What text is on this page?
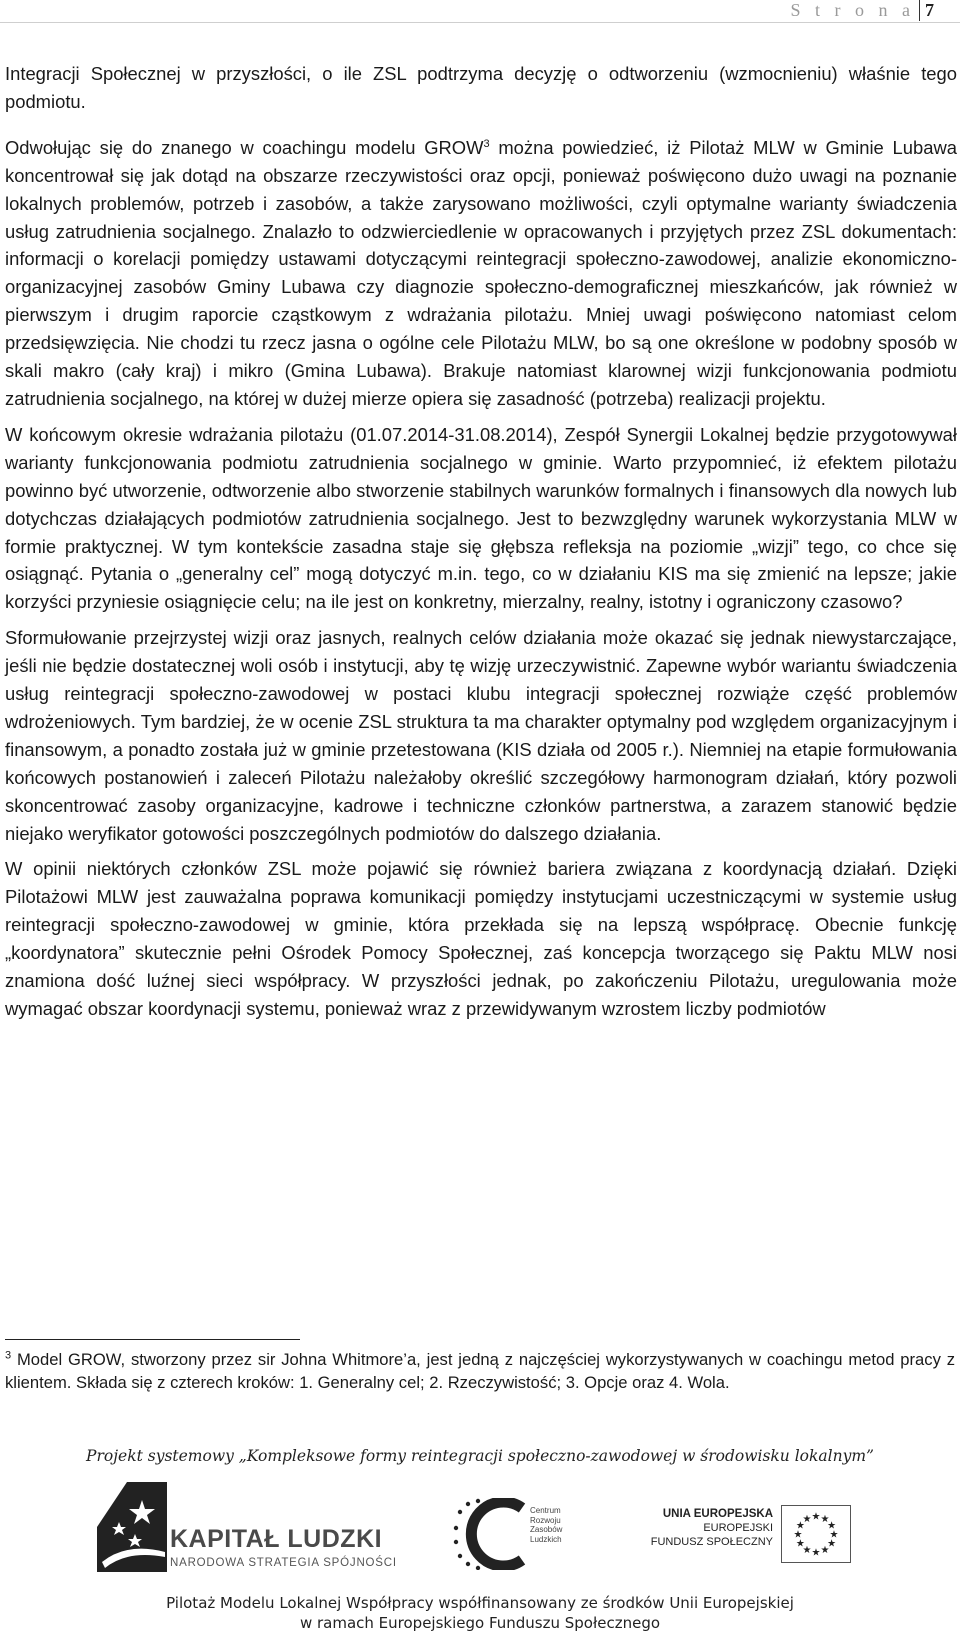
S t r o n a 7

Integracji Społecznej w przyszłości, o ile ZSL podtrzyma decyzję o odtworzeniu (wzmocnieniu) właśnie tego podmiotu.

Odwołując się do znanego w coachingu modelu GROW$^3$ można powiedzieć, iż Pilotaż MLW w Gminie Lubawa koncentrował się jak dotąd na obszarze rzeczywistości oraz opcji, ponieważ poświęcono dużo uwagi na poznanie lokalnych problemów, potrzeb i zasobów, a także zarysowano możliwości, czyli optymalne warianty świadczenia usług zatrudnienia socjalnego. Znalazło to odzwierciedlenie w opracowanych i przyjętych przez ZSL dokumentach: informacji o korelacji pomiędzy ustawami dotyczącymi reintegracji społeczno-zawodowej, analizie ekonomiczno-organizacyjnej zasobów Gminy Lubawa czy diagnozie społeczno-demograficznej mieszkańców, jak również w pierwszym i drugim raporcie cząstkowym z wdrażania pilotażu. Mniej uwagi poświęcono natomiast celom przedsięwzięcia. Nie chodzi tu rzecz jasna o ogólne cele Pilotażu MLW, bo są one określone w podobny sposób w skali makro (cały kraj) i mikro (Gmina Lubawa). Brakuje natomiast klarownej wizji funkcjonowania podmiotu zatrudnienia socjalnego, na której w dużej mierze opiera się zasadność (potrzeba) realizacji projektu.

W końcowym okresie wdrażania pilotażu (01.07.2014-31.08.2014), Zespół Synergii Lokalnej będzie przygotowywał warianty funkcjonowania podmiotu zatrudnienia socjalnego w gminie. Warto przypomnieć, iż efektem pilotażu powinno być utworzenie, odtworzenie albo stworzenie stabilnych warunków formalnych i finansowych dla nowych lub dotychczas działających podmiotów zatrudnienia socjalnego. Jest to bezwzględny warunek wykorzystania MLW w formie praktycznej. W tym kontekście zasadna staje się głębsza refleksja na poziomie „wizji” tego, co chce się osiągnąć. Pytania o „generalny cel” mogą dotyczyć m.in. tego, co w działaniu KIS ma się zmienić na lepsze; jakie korzyści przyniesie osiągnięcie celu; na ile jest on konkretny, mierzalny, realny, istotny i ograniczony czasowo?

Sformułowanie przejrzystej wizji oraz jasnych, realnych celów działania może okazać się jednak niewystarczające, jeśli nie będzie dostatecznej woli osób i instytucji, aby tę wizję urzeczywistnić. Zapewne wybór wariantu świadczenia usług reintegracji społeczno-zawodowej w postaci klubu integracji społecznej rozwiąże część problemów wdrożeniowych. Tym bardziej, że w ocenie ZSL struktura ta ma charakter optymalny pod względem organizacyjnym i finansowym, a ponadto została już w gminie przetestowana (KIS działa od 2005 r.). Niemniej na etapie formułowania końcowych postanowień i zaleceń Pilotażu należałoby określić szczegółowy harmonogram działań, który pozwoli skoncentrować zasoby organizacyjne, kadrowe i techniczne członków partnerstwa, a zarazem stanowić będzie niejako weryfikator gotowości poszczególnych podmiotów do dalszego działania.

W opinii niektórych członków ZSL może pojawić się również bariera związana z koordynacją działań. Dzięki Pilotażowi MLW jest zauważalna poprawa komunikacji pomiędzy instytucjami uczestniczącymi w systemie usług reintegracji społeczno-zawodowej w gminie, która przekłada się na lepszą współpracę. Obecnie funkcję „koordynatora” skutecznie pełni Ośrodek Pomocy Społecznej, zaś koncepcja tworzącego się Paktu MLW nosi znamiona dość luźnej sieci współpracy. W przyszłości jednak, po zakończeniu Pilotażu, uregulowania może wymagać obszar koordynacji systemu, ponieważ wraz z przewidywanym wzrostem liczby podmiotów

$^3$ Model GROW, stworzony przez sir Johna Whitmore’a, jest jedną z najczęściej wykorzystywanych w coachingu metod pracy z klientem. Składa się z czterech kroków: 1. Generalny cel; 2. Rzeczywistość; 3. Opcje oraz 4. Wola.

Projekt systemowy „Kompleksowe formy reintegracji społeczno-zawodowej w środowisku lokalnym”
KAPITAŁ LUDZKI
NARODOWA STRATEGIA SPÓJNOŚCI
Centrum
Rozwoju
Zasobów
Ludzkich
UNIA EUROPEJSKA
EUROPEJSKI
FUNDUSZ SPOŁECZNY
★ ★
★
★
★
★
★
★
★
★
★
★
Pilotaż Modelu Lokalnej Współpracy współfinansowany ze środków Unii Europejskiej
w ramach Europejskiego Funduszu Społecznego
